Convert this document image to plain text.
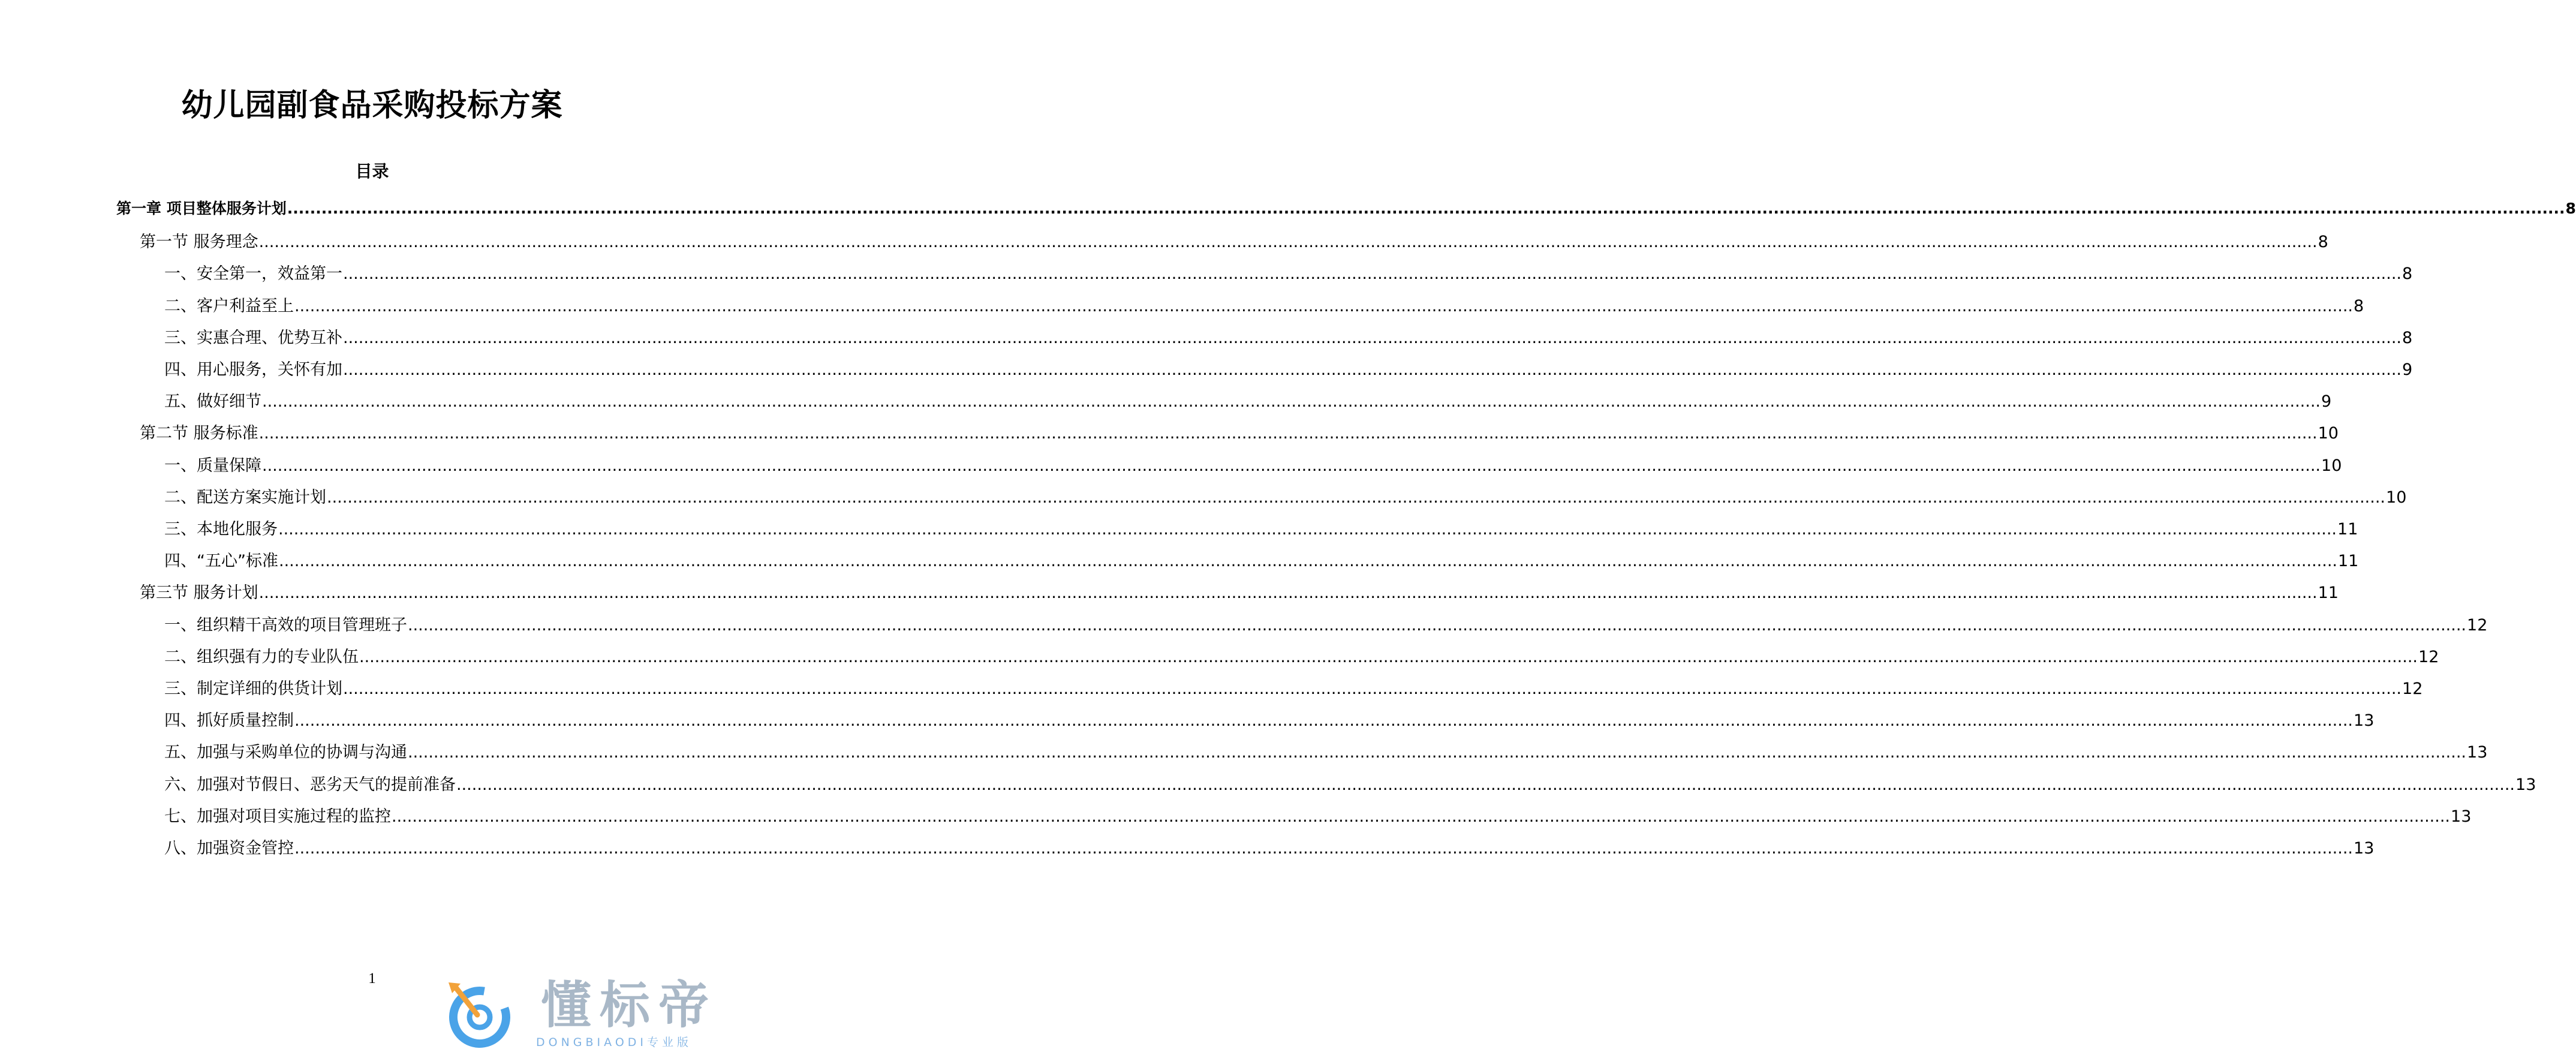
幼儿园副食品采购投标方案
目录
第一章 项目整体服务计划 ................................................................................................................................................................................................................................................................................................................................................................................................................ 8
第一节 服务理念 ................................................................................................................................................................................................................................................................................................................................................................................................................ 8
一、安全第一，效益第一 ................................................................................................................................................................................................................................................................................................................................................................................................................ 8
二、客户利益至上 ................................................................................................................................................................................................................................................................................................................................................................................................................ 8
三、实惠合理、优势互补 ................................................................................................................................................................................................................................................................................................................................................................................................................ 8
四、用心服务，关怀有加 ................................................................................................................................................................................................................................................................................................................................................................................................................ 9
五、做好细节 ................................................................................................................................................................................................................................................................................................................................................................................................................ 9
第二节 服务标准 ................................................................................................................................................................................................................................................................................................................................................................................................................ 10
一、质量保障 ................................................................................................................................................................................................................................................................................................................................................................................................................ 10
二、配送方案实施计划 ................................................................................................................................................................................................................................................................................................................................................................................................................ 10
三、本地化服务 ................................................................................................................................................................................................................................................................................................................................................................................................................ 11
四、“五心”标准 ................................................................................................................................................................................................................................................................................................................................................................................................................ 11
第三节 服务计划 ................................................................................................................................................................................................................................................................................................................................................................................................................ 11
一、组织精干高效的项目管理班子 ................................................................................................................................................................................................................................................................................................................................................................................................................ 12
二、组织强有力的专业队伍 ................................................................................................................................................................................................................................................................................................................................................................................................................ 12
三、制定详细的供货计划 ................................................................................................................................................................................................................................................................................................................................................................................................................ 12
四、抓好质量控制 ................................................................................................................................................................................................................................................................................................................................................................................................................ 13
五、加强与采购单位的协调与沟通 ................................................................................................................................................................................................................................................................................................................................................................................................................ 13
六、加强对节假日、恶劣天气的提前准备 ................................................................................................................................................................................................................................................................................................................................................................................................................ 13
七、加强对项目实施过程的监控 ................................................................................................................................................................................................................................................................................................................................................................................................................ 13
八、加强资金管控 ................................................................................................................................................................................................................................................................................................................................................................................................................ 13
1	懂标帝
DONGBIAODI专业版
